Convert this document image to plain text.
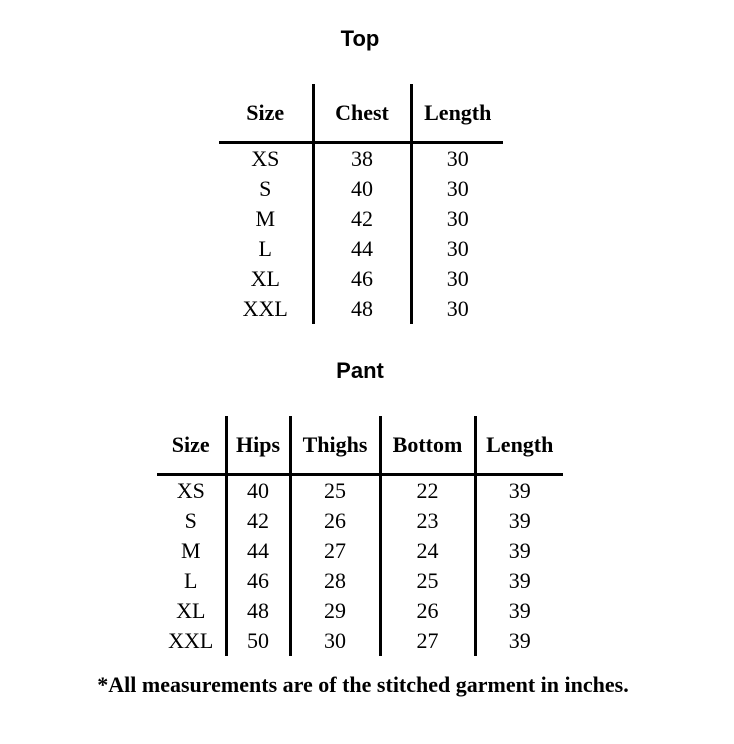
Top
Size	Chest	Length
XS	38	30
S	40	30
M	42	30
L	44	30
XL	46	30
XXL	48	30
Pant
Size	Hips	Thighs	Bottom	Length
XS	40	25	22	39
S	42	26	23	39
M	44	27	24	39
L	46	28	25	39
XL	48	29	26	39
XXL	50	30	27	39

*All measurements are of the stitched garment in inches.
